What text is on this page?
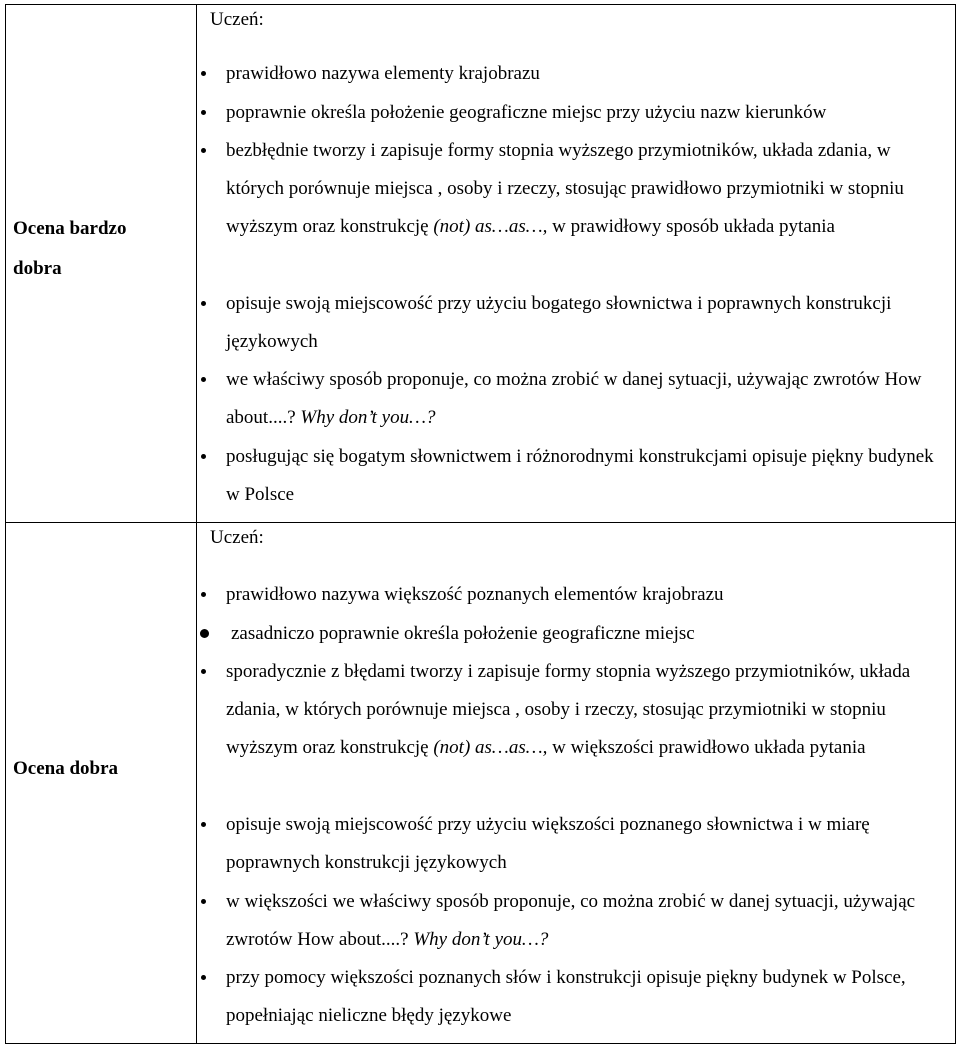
Ocena bardzo
dobra
Uczeń:
prawidłowo nazywa elementy krajobrazu
poprawnie określa położenie geograficzne miejsc przy użyciu nazw kierunków
bezbłędnie tworzy i zapisuje formy stopnia wyższego przymiotników, układa zdania, w których porównuje miejsca , osoby i rzeczy, stosując prawidłowo przymiotniki w stopniu wyższym oraz konstrukcję (not) as…as…, w prawidłowy sposób układa pytania
opisuje swoją miejscowość przy użyciu bogatego słownictwa i poprawnych konstrukcji językowych
we właściwy sposób proponuje, co można zrobić w danej sytuacji, używając zwrotów How about....? Why don’t you…?
posługując się bogatym słownictwem i różnorodnymi konstrukcjami opisuje piękny budynek w Polsce
Ocena dobra
Uczeń:
prawidłowo nazywa większość poznanych elementów krajobrazu
zasadniczo poprawnie określa położenie geograficzne miejsc
sporadycznie z błędami tworzy i zapisuje formy stopnia wyższego przymiotników, układa zdania, w których porównuje miejsca , osoby i rzeczy, stosując przymiotniki w stopniu wyższym oraz konstrukcję (not) as…as…, w większości prawidłowo układa pytania
opisuje swoją miejscowość przy użyciu większości poznanego słownictwa i w miarę poprawnych konstrukcji językowych
w większości we właściwy sposób proponuje, co można zrobić w danej sytuacji, używając zwrotów How about....? Why don’t you…?
przy pomocy większości poznanych słów i konstrukcji opisuje piękny budynek w Polsce, popełniając nieliczne błędy językowe
